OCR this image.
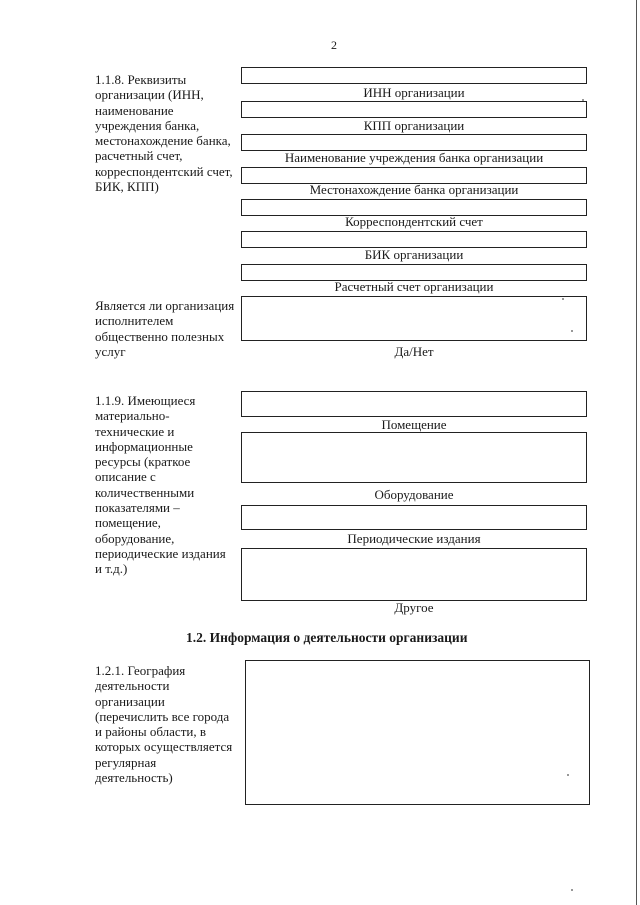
2
1.1.8. Реквизиты организации (ИНН, наименование учреждения банка, местонахождение банка, расчетный счет, корреспондентский счет, БИК, КПП)
ИНН организации
КПП организации
Наименование учреждения банка организации
Местонахождение банка организации
Корреспондентский счет
БИК организации
Расчетный счет организации
Является ли организация исполнителем общественно полезных услуг	Да/Нет
1.1.9. Имеющиеся материально-технические и информационные ресурсы (краткое описание с количественными показателями – помещение, оборудование, периодические издания и т.д.)
Помещение
Оборудование
Периодические издания
Другое
1.2. Информация о деятельности организации
1.2.1. География деятельности организации (перечислить все города и районы области, в которых осуществляется регулярная деятельность)
